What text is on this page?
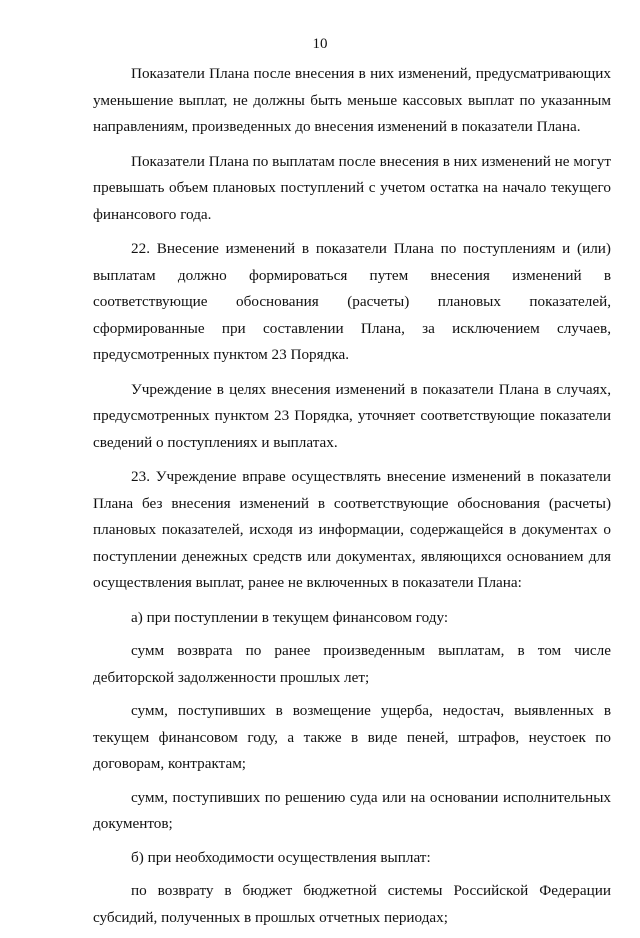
10

Показатели Плана после внесения в них изменений, предусматривающих уменьшение выплат, не должны быть меньше кассовых выплат по указанным направлениям, произведенных до внесения изменений в показатели Плана.

Показатели Плана по выплатам после внесения в них изменений не могут превышать объем плановых поступлений с учетом остатка на начало текущего финансового года.

22. Внесение изменений в показатели Плана по поступлениям и (или) выплатам должно формироваться путем внесения изменений в соответствующие обоснования (расчеты) плановых показателей, сформированные при составлении Плана, за исключением случаев, предусмотренных пунктом 23 Порядка.

Учреждение в целях внесения изменений в показатели Плана в случаях, предусмотренных пунктом 23 Порядка, уточняет соответствующие показатели сведений о поступлениях и выплатах.

23. Учреждение вправе осуществлять внесение изменений в показатели Плана без внесения изменений в соответствующие обоснования (расчеты) плановых показателей, исходя из информации, содержащейся в документах о поступлении денежных средств или документах, являющихся основанием для осуществления выплат, ранее не включенных в показатели Плана:

а) при поступлении в текущем финансовом году:

сумм возврата по ранее произведенным выплатам, в том числе дебиторской задолженности прошлых лет;

сумм, поступивших в возмещение ущерба, недостач, выявленных в текущем финансовом году, а также в виде пеней, штрафов, неустоек по договорам, контрактам;

сумм, поступивших по решению суда или на основании исполнительных документов;

б) при необходимости осуществления выплат:

по возврату в бюджет бюджетной системы Российской Федерации субсидий, полученных в прошлых отчетных периодах;
